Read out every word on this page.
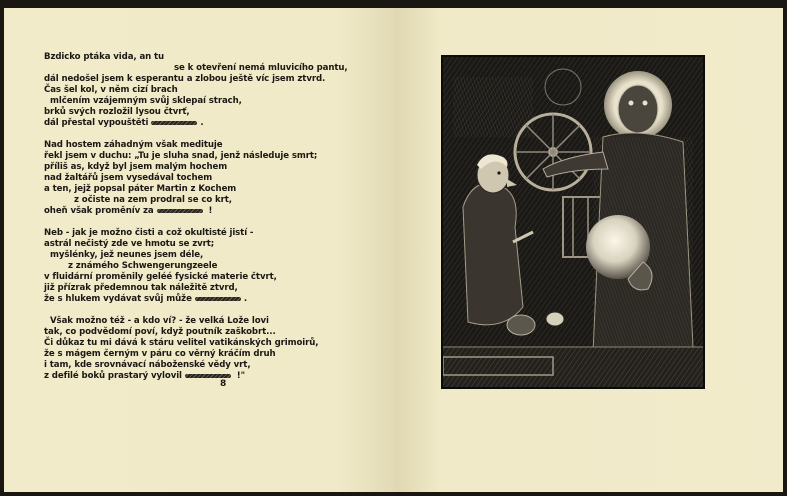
Bzdicko ptáka vida, an tu
se k otevření nemá mluvicího pantu,
dál nedošel jsem k esperantu a zlobou ještě víc jsem ztvrd.
Čas šel kol, v něm cizí brach
mlčením vzájemným svůj sklepaí strach,
brků svých rozložil lysou čtvrť,
dál přestal vypouštěti	.
Nad hostem záhadným však medituje
řekl jsem v duchu: „Tu je sluha snad, jenž následuje smrt;
příliš as, když byl jsem malým hochem
nad žaltářů jsem vysedával tochem
a ten, jejž popsal páter Martin z Kochem
z očiste na zem prodral se co krt,
oheň však proměnív za	!
Neb - jak je možno čisti a což okultisté jistí -
astrál nečistý zde ve hmotu se zvrt;
myšlénky, jež neunes jsem déle,
z známého Schwengerungzeele
v fluidární proměnily geléé fysické materie čtvrt,
již přízrak předemnou tak náležitě ztvrd,
že s hlukem vydávat svůj může	.
Však možno též - a kdo ví? - že velká Lože lovi
tak, co podvědomí poví, když poutník zaškobrt...
Či důkaz tu mi dává k stáru velitel vatikánských grimoirů,
že s mágem černým v páru co věrný kráčím druh
i tam, kde srovnávací náboženské vědy vrt,
z defilé boků prastarý vylovil	!"
8
